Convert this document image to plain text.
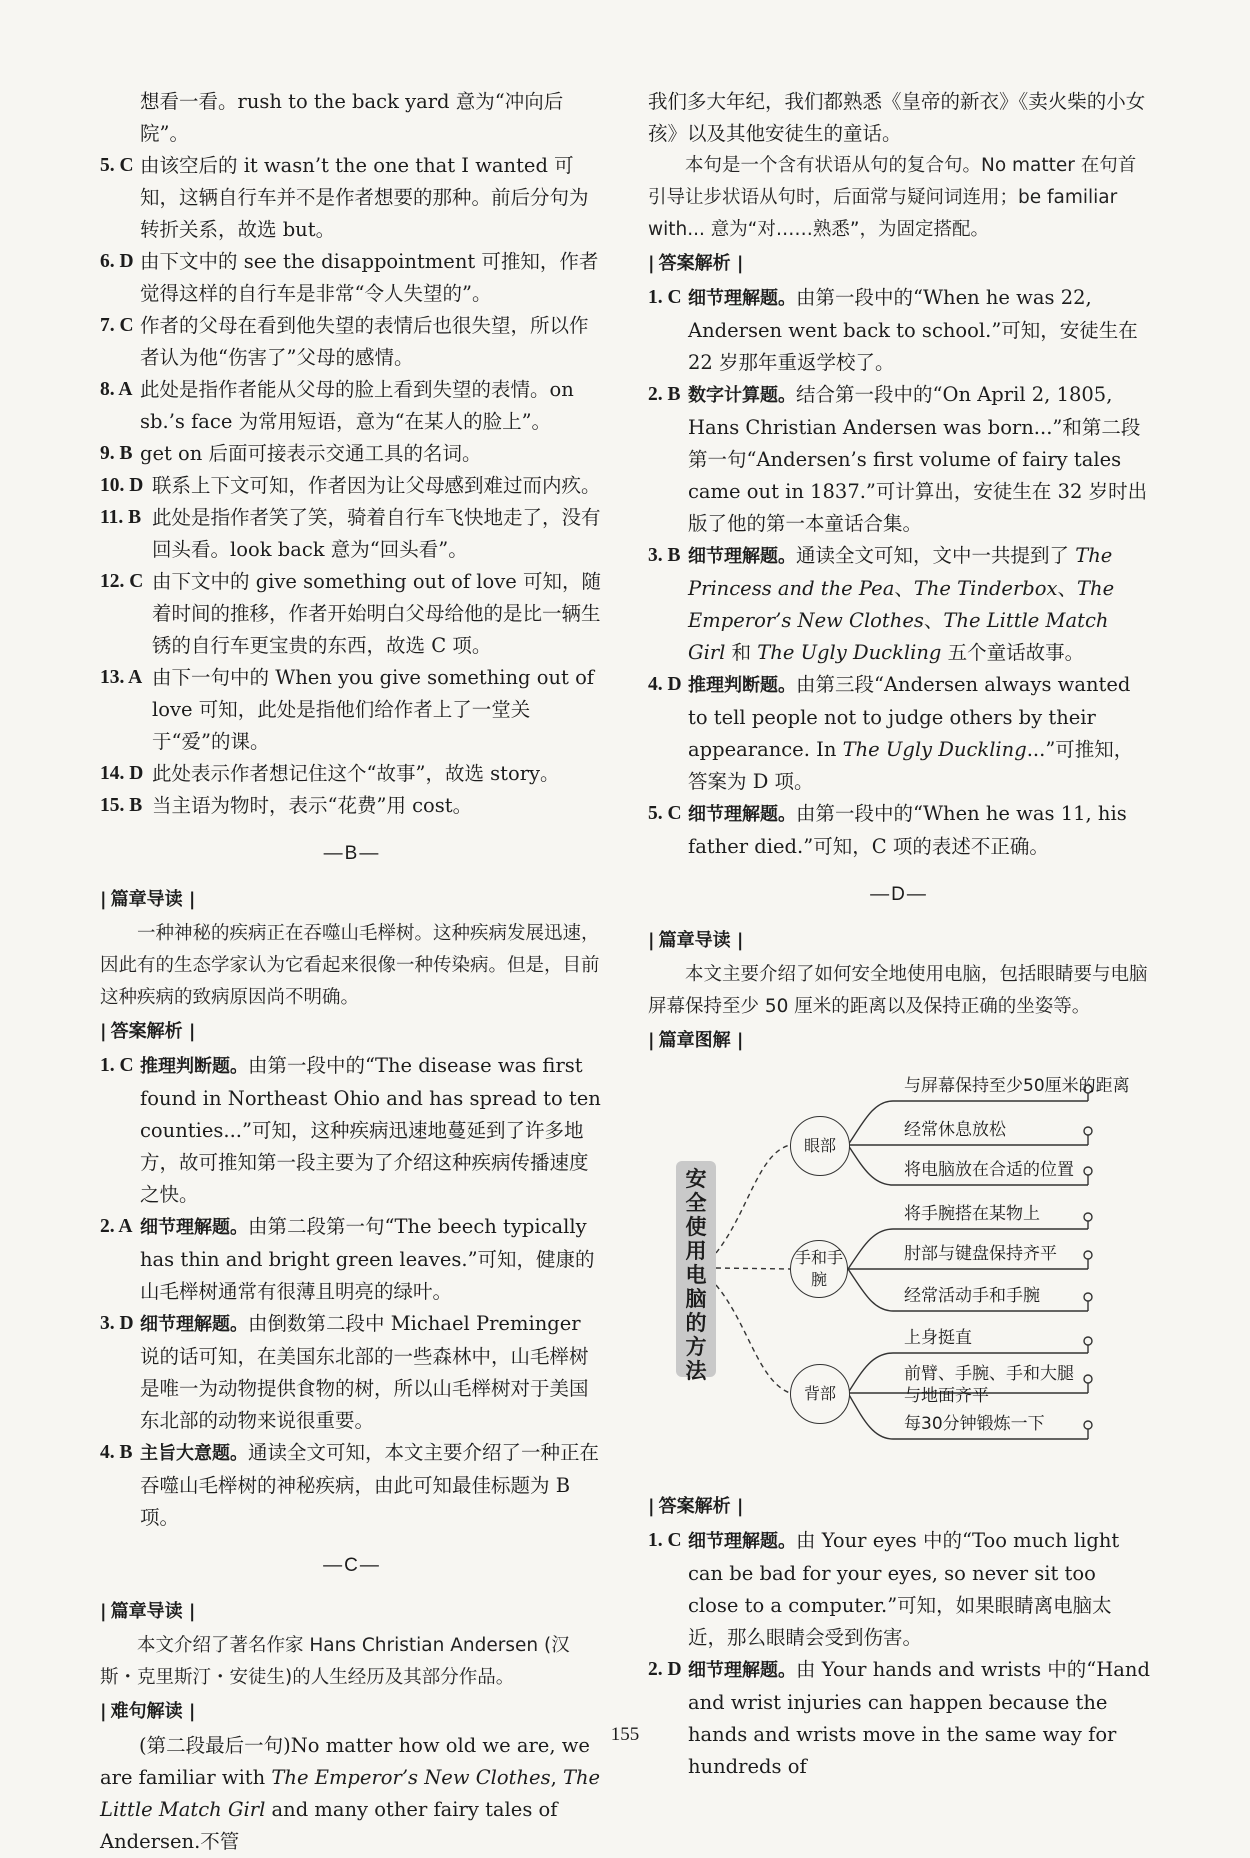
想看一看。rush to the back yard 意为“冲向后院”。

5. C 由该空后的 it wasn’t the one that I wanted 可知，这辆自行车并不是作者想要的那种。前后分句为转折关系，故选 but。

6. D 由下文中的 see the disappointment 可推知，作者觉得这样的自行车是非常“令人失望的”。

7. C 作者的父母在看到他失望的表情后也很失望，所以作者认为他“伤害了”父母的感情。

8. A 此处是指作者能从父母的脸上看到失望的表情。on sb.’s face 为常用短语，意为“在某人的脸上”。

9. B get on 后面可接表示交通工具的名词。

10. D 联系上下文可知，作者因为让父母感到难过而内疚。

11. B 此处是指作者笑了笑，骑着自行车飞快地走了，没有回头看。look back 意为“回头看”。

12. C 由下文中的 give something out of love 可知，随着时间的推移，作者开始明白父母给他的是比一辆生锈的自行车更宝贵的东西，故选 C 项。

13. A 由下一句中的 When you give something out of love 可知，此处是指他们给作者上了一堂关于“爱”的课。

14. D 此处表示作者想记住这个“故事”，故选 story。

15. B 当主语为物时，表示“花费”用 cost。

—B—

| 篇章导读 |

一种神秘的疾病正在吞噬山毛榉树。这种疾病发展迅速，因此有的生态学家认为它看起来很像一种传染病。但是，目前这种疾病的致病原因尚不明确。

| 答案解析 |

1. C 推理判断题。由第一段中的“The disease was first found in Northeast Ohio and has spread to ten counties...”可知，这种疾病迅速地蔓延到了许多地方，故可推知第一段主要为了介绍这种疾病传播速度之快。

2. A 细节理解题。由第二段第一句“The beech typically has thin and bright green leaves.”可知，健康的山毛榉树通常有很薄且明亮的绿叶。

3. D 细节理解题。由倒数第二段中 Michael Preminger 说的话可知，在美国东北部的一些森林中，山毛榉树是唯一为动物提供食物的树，所以山毛榉树对于美国东北部的动物来说很重要。

4. B 主旨大意题。通读全文可知，本文主要介绍了一种正在吞噬山毛榉树的神秘疾病，由此可知最佳标题为 B 项。

—C—

| 篇章导读 |

本文介绍了著名作家 Hans Christian Andersen (汉斯・克里斯汀・安徒生)的人生经历及其部分作品。

| 难句解读 |

(第二段最后一句)No matter how old we are, we are familiar with The Emperor’s New Clothes, The Little Match Girl and many other fairy tales of Andersen.不管

我们多大年纪，我们都熟悉《皇帝的新衣》《卖火柴的小女孩》以及其他安徒生的童话。

本句是一个含有状语从句的复合句。No matter 在句首引导让步状语从句时，后面常与疑问词连用；be familiar with... 意为“对……熟悉”，为固定搭配。

| 答案解析 |

1. C 细节理解题。由第一段中的“When he was 22, Andersen went back to school.”可知，安徒生在 22 岁那年重返学校了。

2. B 数字计算题。结合第一段中的“On April 2, 1805, Hans Christian Andersen was born...”和第二段第一句“Andersen’s first volume of fairy tales came out in 1837.”可计算出，安徒生在 32 岁时出版了他的第一本童话合集。

3. B 细节理解题。通读全文可知，文中一共提到了 The Princess and the Pea、The Tinderbox、The Emperor’s New Clothes、The Little Match Girl 和 The Ugly Duckling 五个童话故事。

4. D 推理判断题。由第三段“Andersen always wanted to tell people not to judge others by their appearance. In The Ugly Duckling...”可推知，答案为 D 项。

5. C 细节理解题。由第一段中的“When he was 11, his father died.”可知，C 项的表述不正确。

—D—

| 篇章导读 |

本文主要介绍了如何安全地使用电脑，包括眼睛要与电脑屏幕保持至少 50 厘米的距离以及保持正确的坐姿等。

| 篇章图解 |

安全使用电脑的方法
眼部
手和手腕
背部
与屏幕保持至少50厘米的距离
经常休息放松
将电脑放在合适的位置
将手腕搭在某物上
肘部与键盘保持齐平
经常活动手和手腕
上身挺直
前臂、手腕、手和大腿与地面齐平
每30分钟锻炼一下

| 答案解析 |

1. C 细节理解题。由 Your eyes 中的“Too much light can be bad for your eyes, so never sit too close to a computer.”可知，如果眼睛离电脑太近，那么眼睛会受到伤害。

2. D 细节理解题。由 Your hands and wrists 中的“Hand and wrist injuries can happen because the hands and wrists move in the same way for hundreds of

155
